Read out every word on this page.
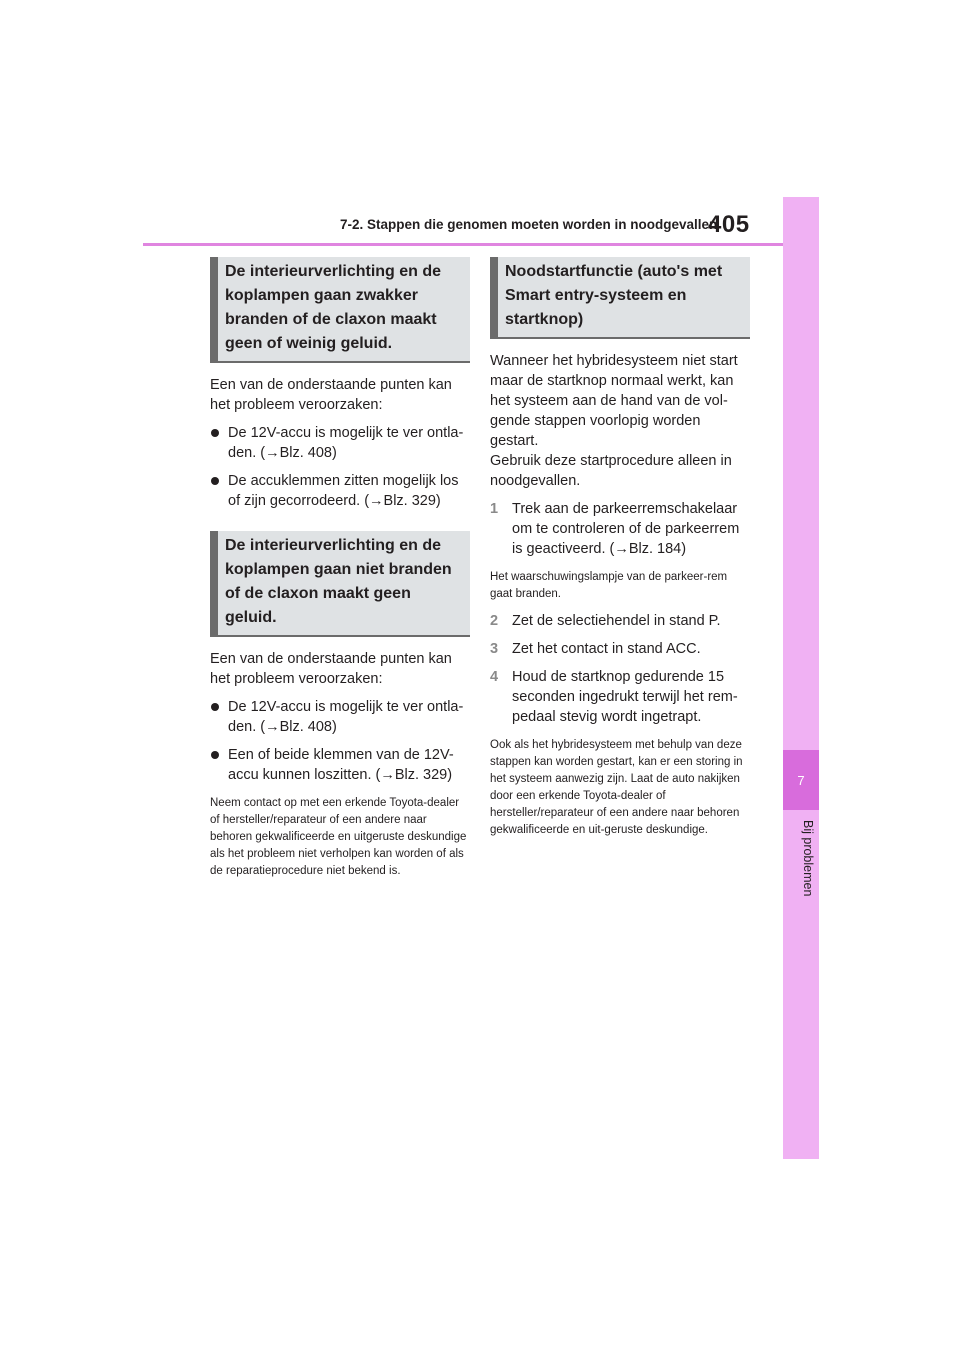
7-2. Stappen die genomen moeten worden in noodgevallen
405
7
Bij problemen
De interieurverlichting en de koplampen gaan zwakker branden of de claxon maakt geen of weinig geluid.

Een van de onderstaande punten kan het probleem veroorzaken:

De 12V-accu is mogelijk te ver ontla-den. (→Blz. 408)
De accuklemmen zitten mogelijk los of zijn gecorrodeerd. (→Blz. 329)
De interieurverlichting en de koplampen gaan niet branden of de claxon maakt geen geluid.

Een van de onderstaande punten kan het probleem veroorzaken:

De 12V-accu is mogelijk te ver ontla-den. (→Blz. 408)
Een of beide klemmen van de 12V-accu kunnen loszitten. (→Blz. 329)
Neem contact op met een erkende Toyota-dealer of hersteller/reparateur of een andere naar behoren gekwalificeerde en uitgeruste deskundige als het probleem niet verholpen kan worden of als de reparatieprocedure niet bekend is.
Noodstartfunctie (auto's met Smart entry-systeem en startknop)

Wanneer het hybridesysteem niet start maar de startknop normaal werkt, kan het systeem aan de hand van de vol-gende stappen voorlopig worden gestart.

Gebruik deze startprocedure alleen in noodgevallen.

1 Trek aan de parkeerremschakelaar om te controleren of de parkeerrem is geactiveerd. (→Blz. 184)
Het waarschuwingslampje van de parkeer-rem gaat branden.
2 Zet de selectiehendel in stand P.
3 Zet het contact in stand ACC.
4 Houd de startknop gedurende 15 seconden ingedrukt terwijl het rem-pedaal stevig wordt ingetrapt.
Ook als het hybridesysteem met behulp van deze stappen kan worden gestart, kan er een storing in het systeem aanwezig zijn. Laat de auto nakijken door een erkende Toyota-dealer of hersteller/reparateur of een andere naar behoren gekwalificeerde en uit-geruste deskundige.
